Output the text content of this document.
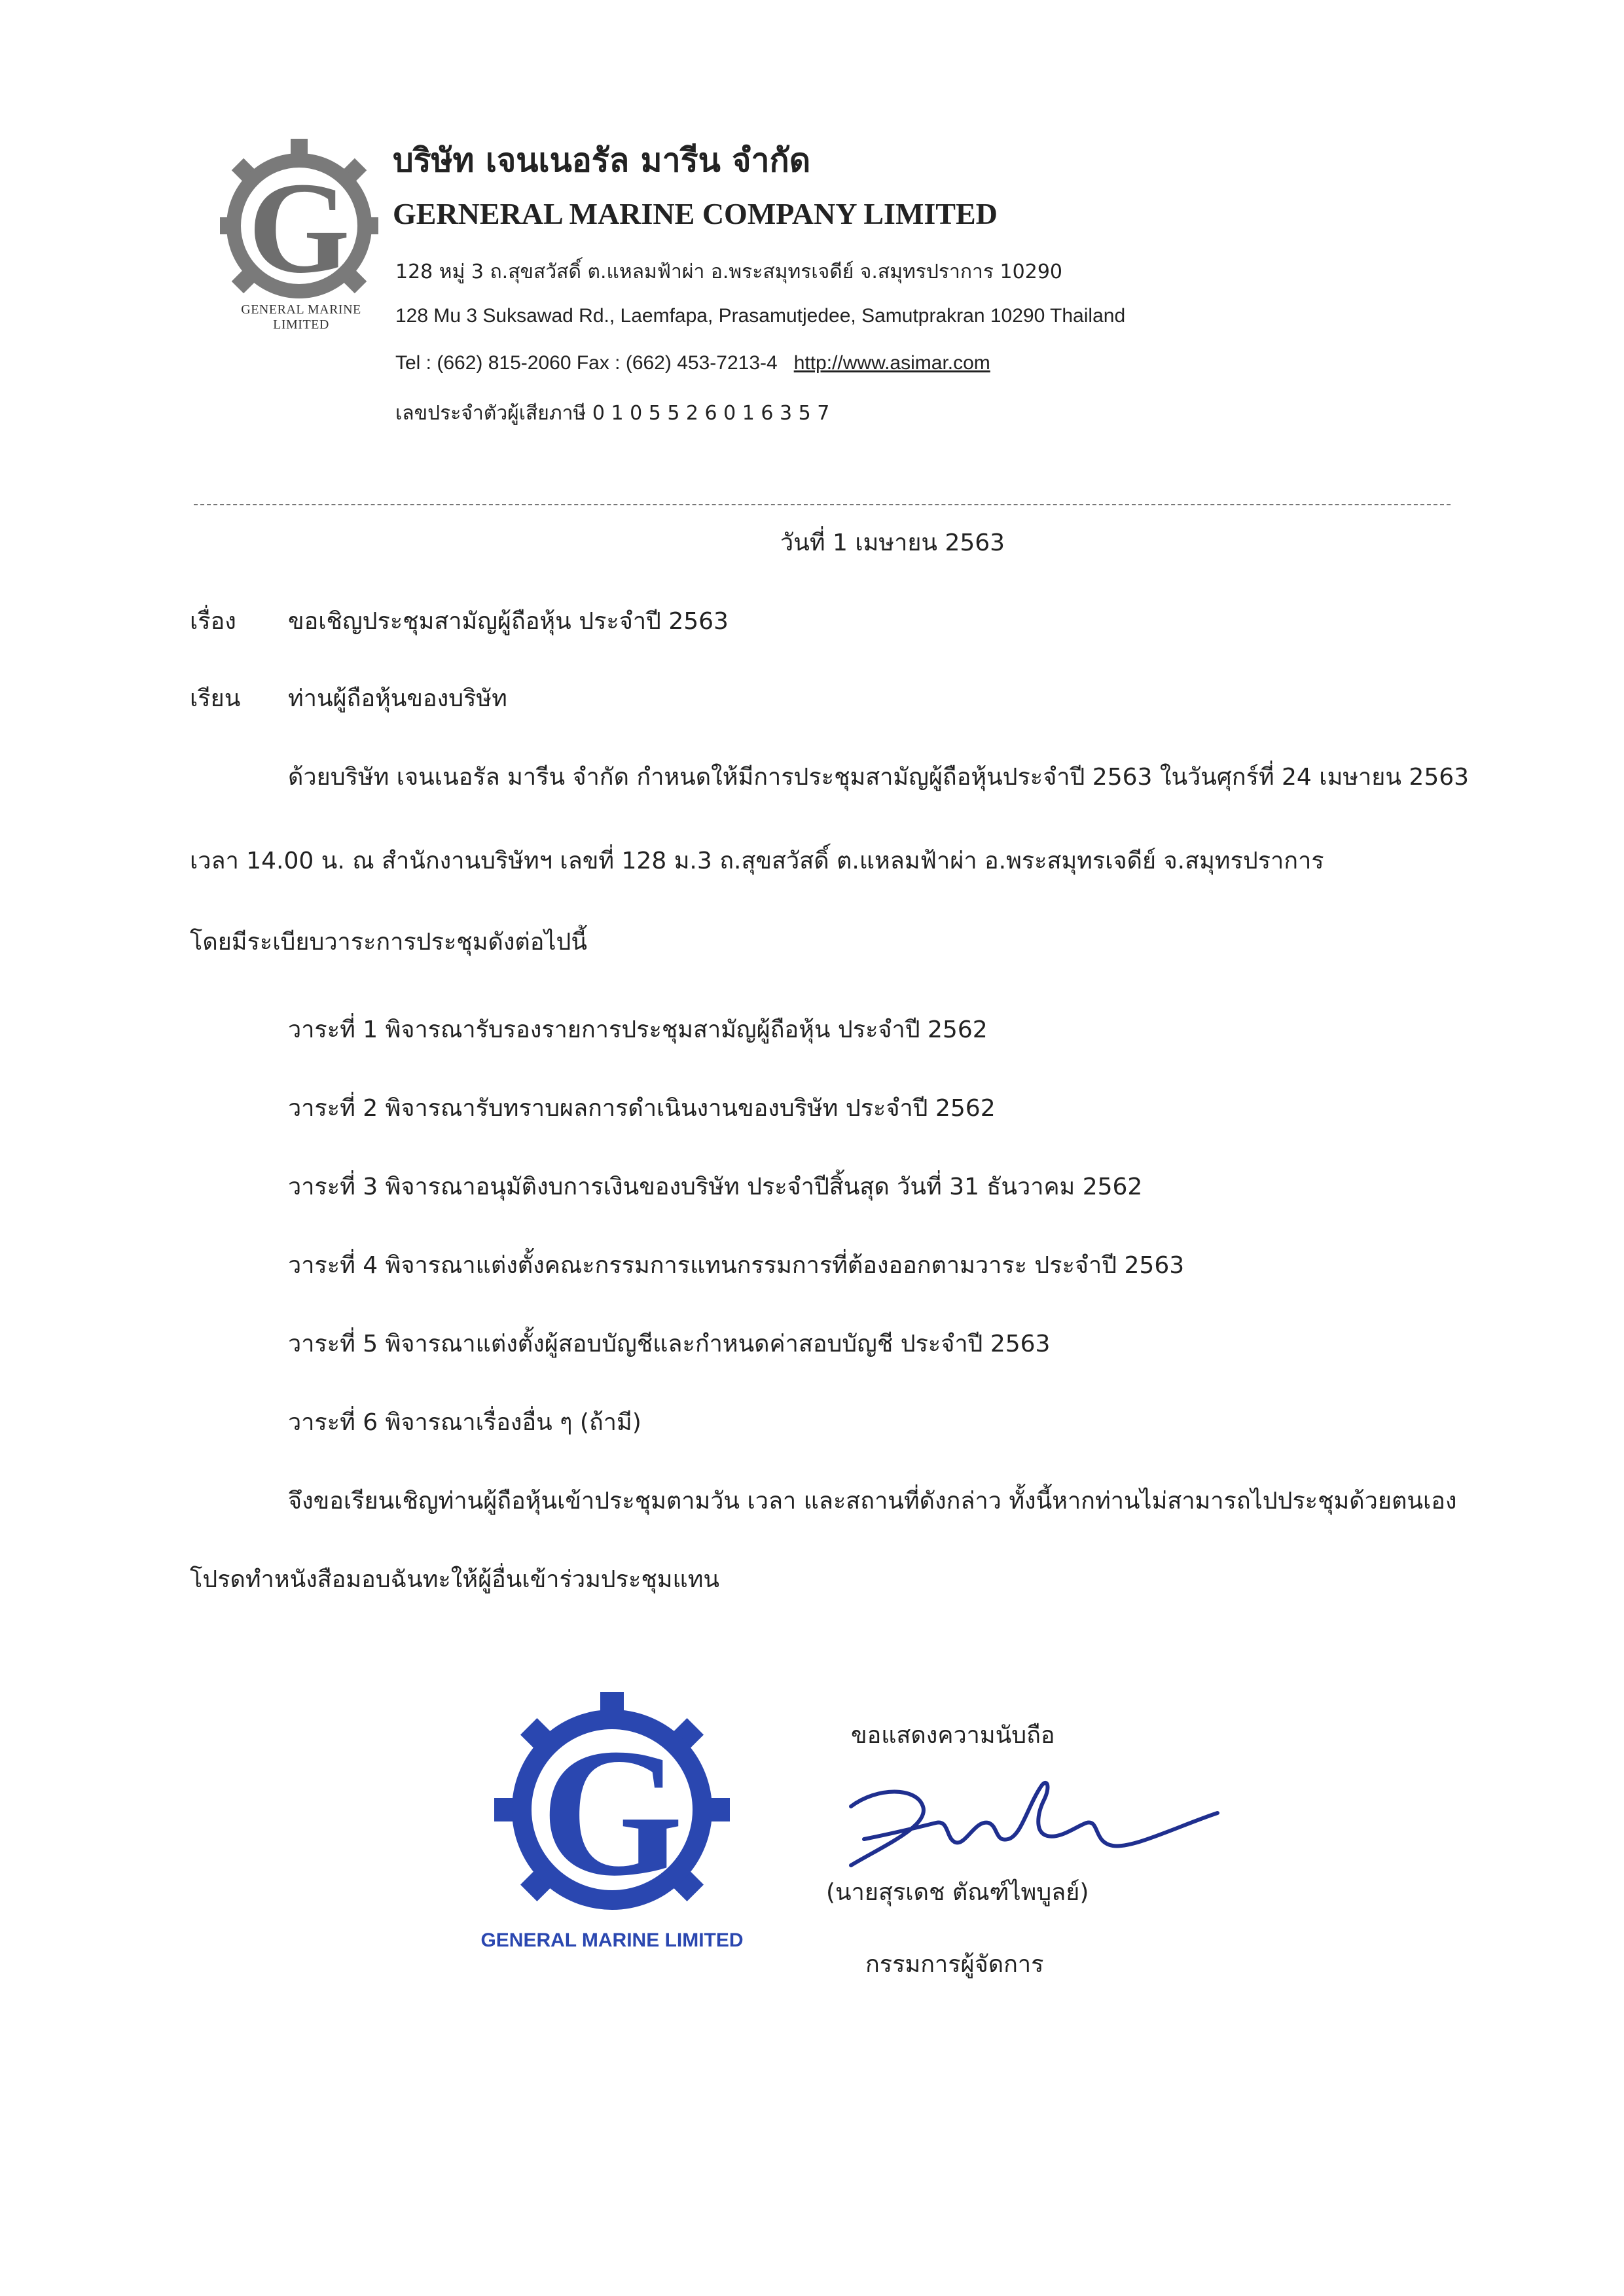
G
GENERAL MARINE LIMITED
บริษัท เจนเนอรัล มารีน จำกัด
GERNERAL MARINE COMPANY LIMITED
128 หมู่ 3 ถ.สุขสวัสดิ์ ต.แหลมฟ้าผ่า อ.พระสมุทรเจดีย์ จ.สมุทรปราการ 10290
128 Mu 3 Suksawad Rd., Laemfapa, Prasamutjedee, Samutprakran 10290 Thailand
Tel : (662) 815-2060 Fax : (662) 453-7213-4 http://www.asimar.com
เลขประจำตัวผู้เสียภาษี 0 1 0 5 5 2 6 0 1 6 3 5 7
วันที่ 1 เมษายน 2563
เรื่อง ขอเชิญประชุมสามัญผู้ถือหุ้น ประจำปี 2563
เรียน ท่านผู้ถือหุ้นของบริษัท
ด้วยบริษัท เจนเนอรัล มารีน จำกัด กำหนดให้มีการประชุมสามัญผู้ถือหุ้นประจำปี 2563 ในวันศุกร์ที่ 24 เมษายน 2563
เวลา 14.00 น. ณ สำนักงานบริษัทฯ เลขที่ 128 ม.3 ถ.สุขสวัสดิ์ ต.แหลมฟ้าผ่า อ.พระสมุทรเจดีย์ จ.สมุทรปราการ
โดยมีระเบียบวาระการประชุมดังต่อไปนี้
วาระที่ 1 พิจารณารับรองรายการประชุมสามัญผู้ถือหุ้น ประจำปี 2562
วาระที่ 2 พิจารณารับทราบผลการดำเนินงานของบริษัท ประจำปี 2562
วาระที่ 3 พิจารณาอนุมัติงบการเงินของบริษัท ประจำปีสิ้นสุด วันที่ 31 ธันวาคม 2562
วาระที่ 4 พิจารณาแต่งตั้งคณะกรรมการแทนกรรมการที่ต้องออกตามวาระ ประจำปี 2563
วาระที่ 5 พิจารณาแต่งตั้งผู้สอบบัญชีและกำหนดค่าสอบบัญชี ประจำปี 2563
วาระที่ 6 พิจารณาเรื่องอื่น ๆ (ถ้ามี)
จึงขอเรียนเชิญท่านผู้ถือหุ้นเข้าประชุมตามวัน เวลา และสถานที่ดังกล่าว ทั้งนี้หากท่านไม่สามารถไปประชุมด้วยตนเอง
โปรดทำหนังสือมอบฉันทะให้ผู้อื่นเข้าร่วมประชุมแทน
G
GENERAL MARINE LIMITED
ขอแสดงความนับถือ
(นายสุรเดช ตัณฑ์ไพบูลย์)
กรรมการผู้จัดการ
